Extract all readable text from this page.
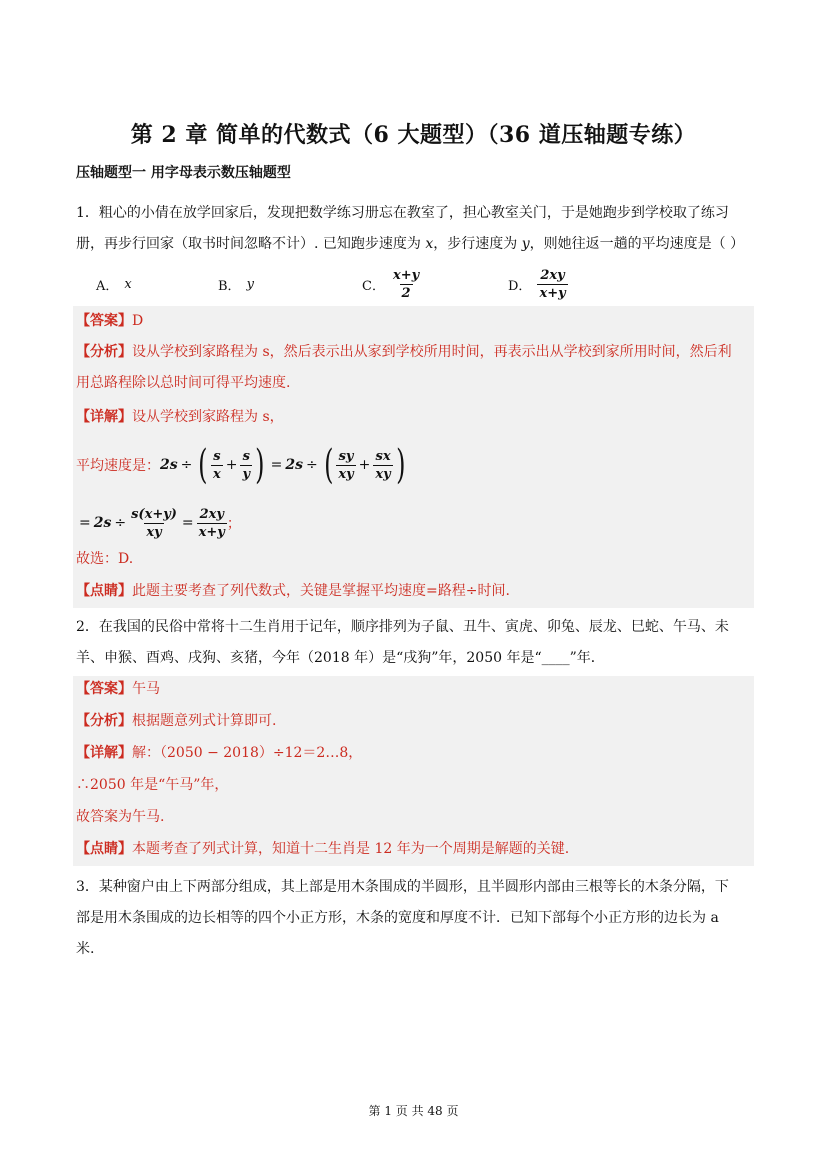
第 2 章 简单的代数式（6 大题型）（36 道压轴题专练）
压轴题型一 用字母表示数压轴题型
1．粗心的小倩在放学回家后，发现把数学练习册忘在教室了，担心教室关门，于是她跑步到学校取了练习
册，再步行回家（取书时间忽略不计）. 已知跑步速度为 x，步行速度为 y，则她往返一趟的平均速度是（ ）
A． x	B． y	C． $\frac{x+y}{2}$	D． $\frac{2xy}{x+y}$
【答案】D
【分析】设从学校到家路程为 s，然后表示出从家到学校所用时间，再表示出从学校到家所用时间，然后利
用总路程除以总时间可得平均速度.
【详解】设从学校到家路程为 s，
平均速度是： 2s ÷ ( $\frac{s}{x} + \frac{s}{y}$ ) = 2s ÷ ( $\frac{sy}{xy} + \frac{sx}{xy}$ )
= $2s \div \frac{s(x+y)}{xy} = \frac{2xy}{x+y}$ ；
故选：D.
【点睛】此题主要考查了列代数式，关键是掌握平均速度=路程÷时间.
2．在我国的民俗中常将十二生肖用于记年，顺序排列为子鼠、丑牛、寅虎、卯兔、辰龙、巳蛇、午马、未
羊、申猴、酉鸡、戌狗、亥猪，今年（2018 年）是“戌狗”年，2050 年是“____”年．
【答案】午马
【分析】根据题意列式计算即可.
【详解】解：（2050 − 2018）÷12＝2…8，
∴2050 年是“午马”年，
故答案为午马.
【点睛】本题考查了列式计算，知道十二生肖是 12 年为一个周期是解题的关键.
3．某种窗户由上下两部分组成，其上部是用木条围成的半圆形，且半圆形内部由三根等长的木条分隔，下
部是用木条围成的边长相等的四个小正方形，木条的宽度和厚度不计．已知下部每个小正方形的边长为 a
米.
第 1 页 共 48 页
